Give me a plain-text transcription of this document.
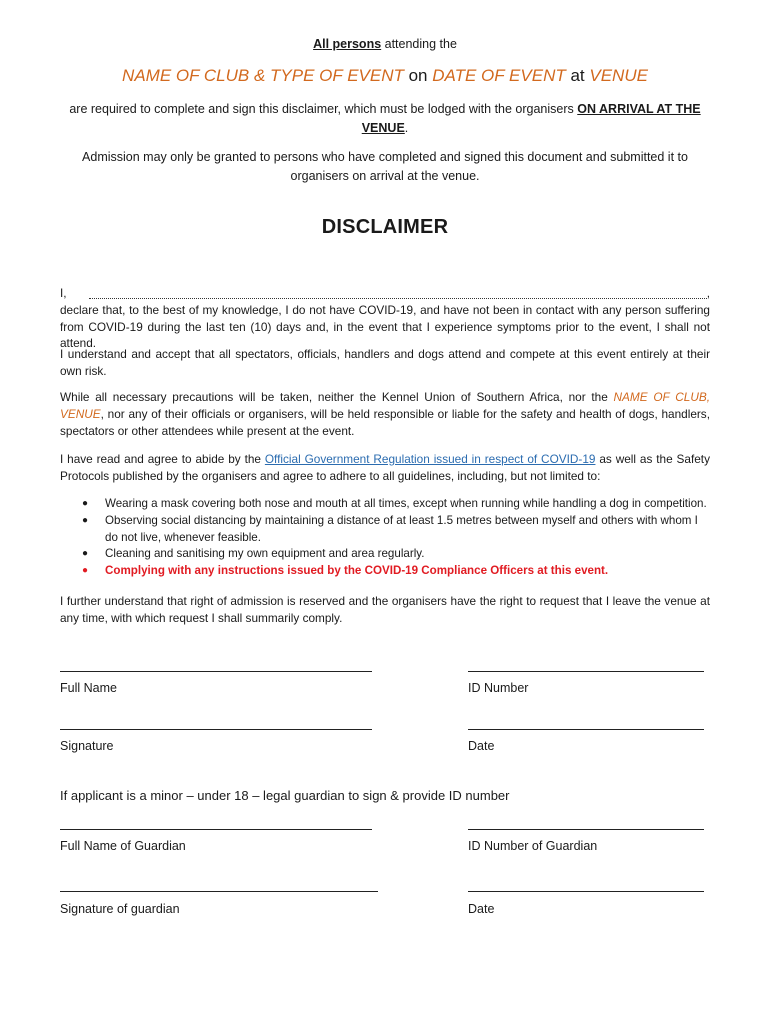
All persons attending the
NAME OF CLUB & TYPE OF EVENT on DATE OF EVENT at VENUE
are required to complete and sign this disclaimer, which must be lodged with the organisers ON ARRIVAL AT THE VENUE.
Admission may only be granted to persons who have completed and signed this document and submitted it to organisers on arrival at the venue.
DISCLAIMER
I,	,
declare that, to the best of my knowledge, I do not have COVID-19, and have not been in contact with any person suffering from COVID-19 during the last ten (10) days and, in the event that I experience symptoms prior to the event, I shall not attend.
I understand and accept that all spectators, officials, handlers and dogs attend and compete at this event entirely at their own risk.
While all necessary precautions will be taken, neither the Kennel Union of Southern Africa, nor the NAME OF CLUB, VENUE, nor any of their officials or organisers, will be held responsible or liable for the safety and health of dogs, handlers, spectators or other attendees while present at the event.
I have read and agree to abide by the Official Government Regulation issued in respect of COVID-19 as well as the Safety Protocols published by the organisers and agree to adhere to all guidelines, including, but not limited to:
●	Wearing a mask covering both nose and mouth at all times, except when running while handling a dog in competition.
●	Observing social distancing by maintaining a distance of at least 1.5 metres between myself and others with whom I do not live, whenever feasible.
●	Cleaning and sanitising my own equipment and area regularly.
●	Complying with any instructions issued by the COVID-19 Compliance Officers at this event.
I further understand that right of admission is reserved and the organisers have the right to request that I leave the venue at any time, with which request I shall summarily comply.
Full Name	ID Number
Signature	Date
If applicant is a minor – under 18 – legal guardian to sign & provide ID number
Full Name of Guardian	ID Number of Guardian
Signature of guardian	Date
